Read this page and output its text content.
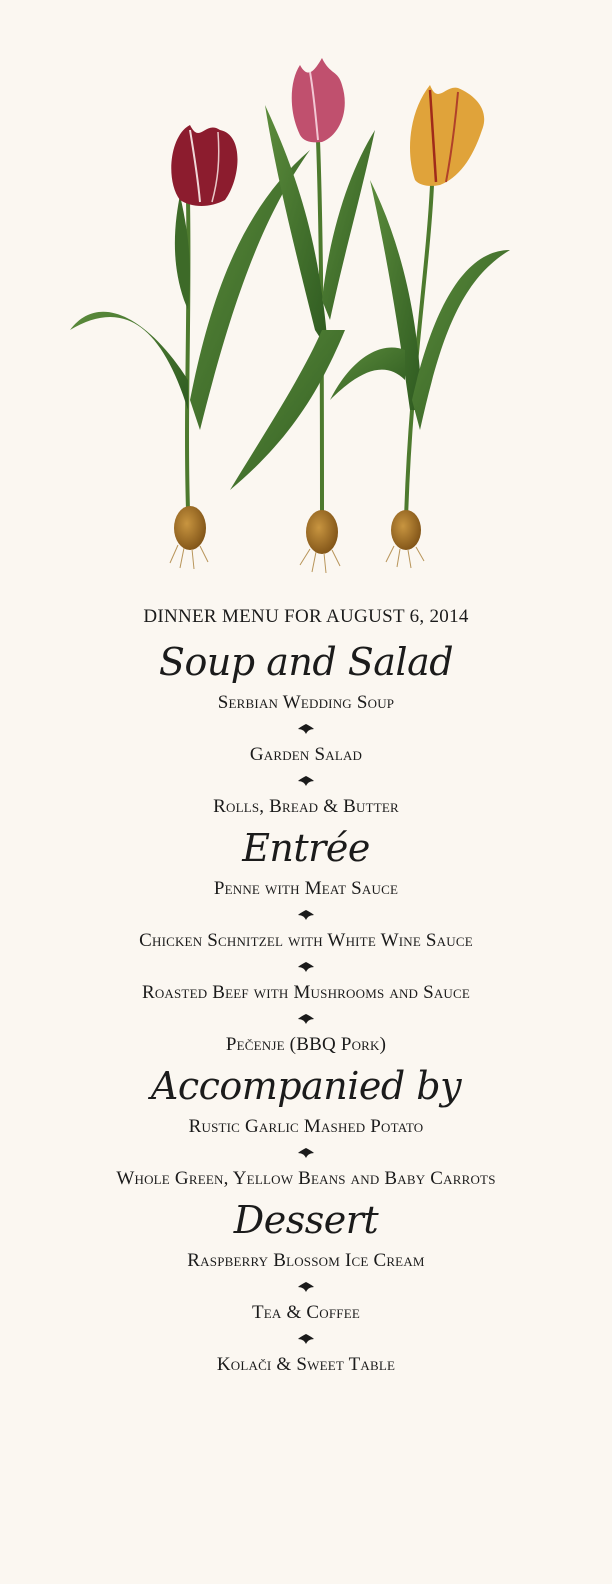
DINNER MENU FOR AUGUST 6, 2014
Soup and Salad
Serbian Wedding Soup
Garden Salad
Rolls, Bread & Butter
Entrée
Penne with Meat Sauce
Chicken Schnitzel with White Wine Sauce
Roasted Beef with Mushrooms and Sauce
Pečenje (BBQ Pork)
Accompanied by
Rustic Garlic Mashed Potato
Whole Green, Yellow Beans and Baby Carrots
Dessert
Raspberry Blossom Ice Cream
Tea & Coffee
Kolači & Sweet Table
